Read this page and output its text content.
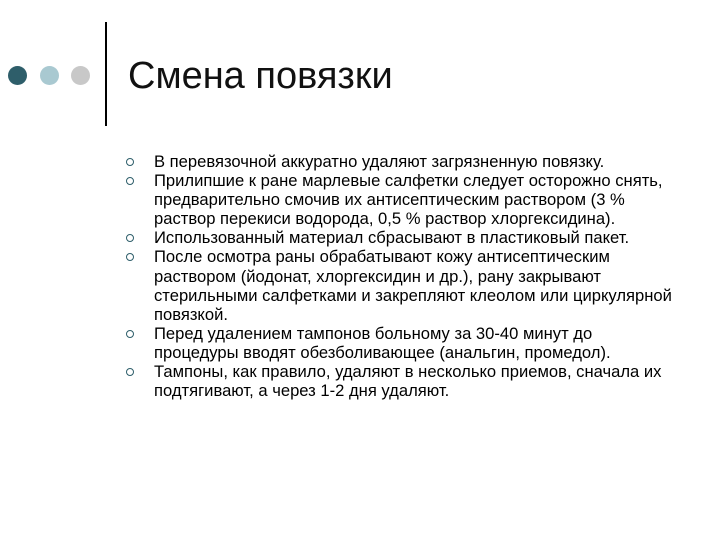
Смена повязки
В перевязочной аккуратно удаляют загрязненную повязку.
Прилипшие к ране марлевые салфетки следует осторожно снять, предварительно смочив их антисептическим раствором (3 % раствор перекиси водорода, 0,5 % раствор хлоргексидина).
Использованный материал сбрасывают в пластиковый пакет.
После осмотра раны обрабатывают кожу антисептическим раствором (йодонат, хлоргексидин и др.), рану закрывают стерильными салфетками и закрепляют клеолом или циркулярной повязкой.
Перед удалением тампонов больному за 30-40 минут до процедуры вводят обезболивающее (анальгин, промедол).
Тампоны, как правило, удаляют в несколько приемов, сначала их подтягивают, а через 1-2 дня удаляют.
